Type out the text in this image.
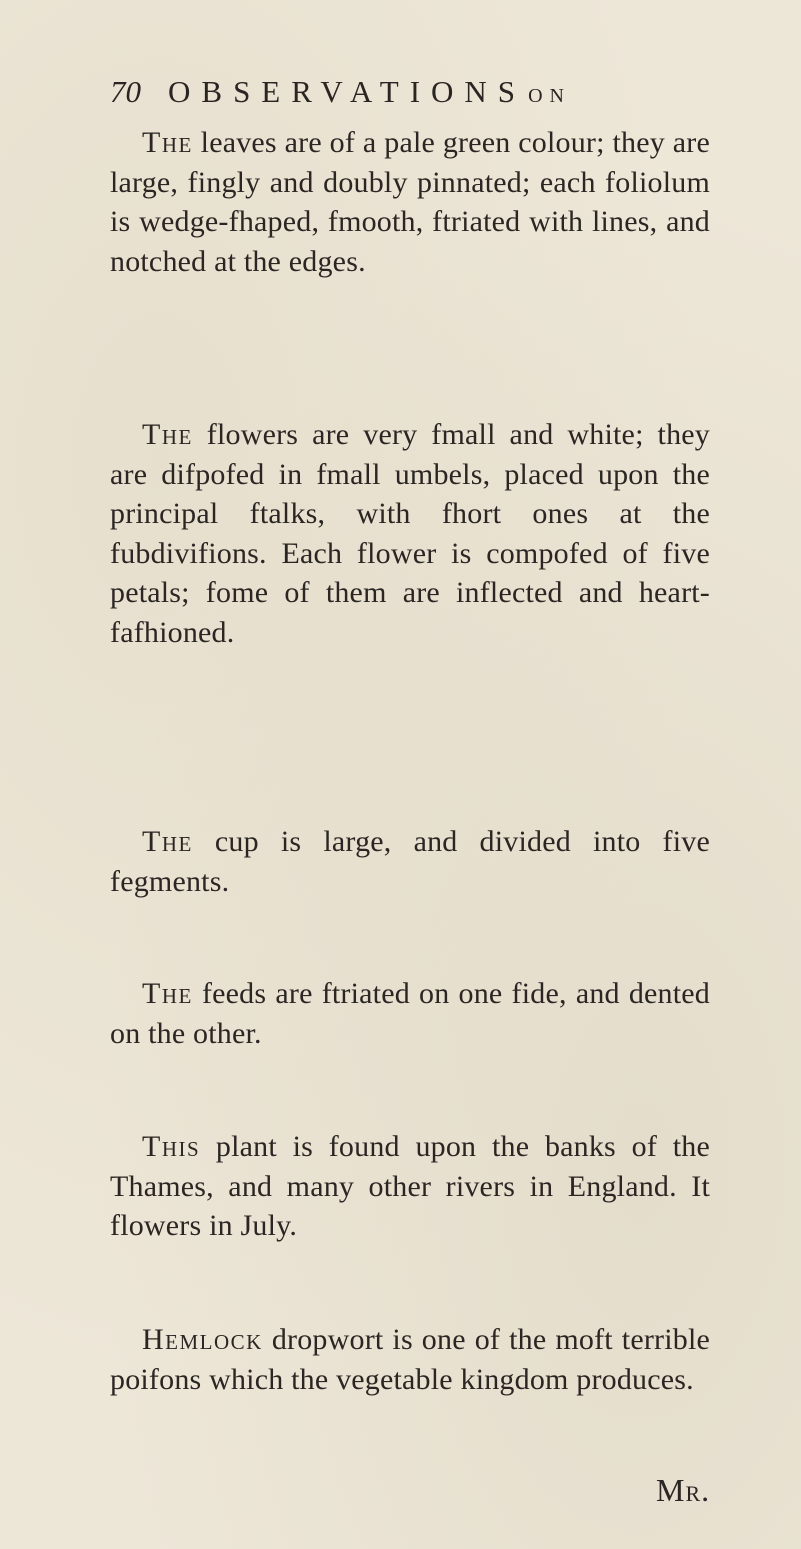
70 OBSERVATIONS ON

The leaves are of a pale green colour; they are large, fingly and doubly pinnated; each foliolum is wedge-fhaped, fmooth, ftriated with lines, and notched at the edges.

The flowers are very fmall and white; they are difpofed in fmall umbels, placed upon the principal ftalks, with fhort ones at the fubdivifions. Each flower is compofed of five petals; fome of them are inflected and heart-fafhioned.

The cup is large, and divided into five fegments.

The feeds are ftriated on one fide, and dented on the other.

This plant is found upon the banks of the Thames, and many other rivers in England. It flowers in July.

Hemlock dropwort is one of the moft terrible poifons which the vegetable kingdom produces.

Mr.
